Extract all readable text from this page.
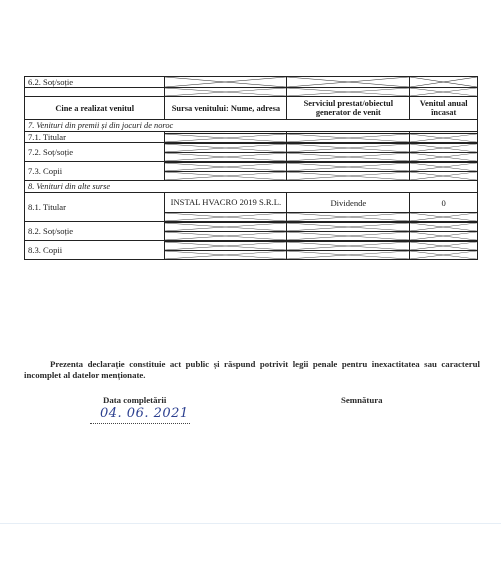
6.2. Soț/soție	

Cine a realizat venitul	Sursa venitului: Nume, adresa	Serviciul prestat/obiectul generator de venit	Venitul anual încasat
7. Venituri din premii și din jocuri de noroc			
7.1. Titular	

7.2. Soț/soție	

7.3. Copii	

8. Venituri din alte surse			
8.1. Titular	INSTAL HVACRO 2019 S.R.L.	Dividende	0

8.2. Soț/soție	

8.3. Copii	

Prezenta declarație constituie act public și răspund potrivit legii penale pentru inexactitatea sau caracterul incomplet al datelor menționate.

Data completării	Semnătura
04. 06. 2021
